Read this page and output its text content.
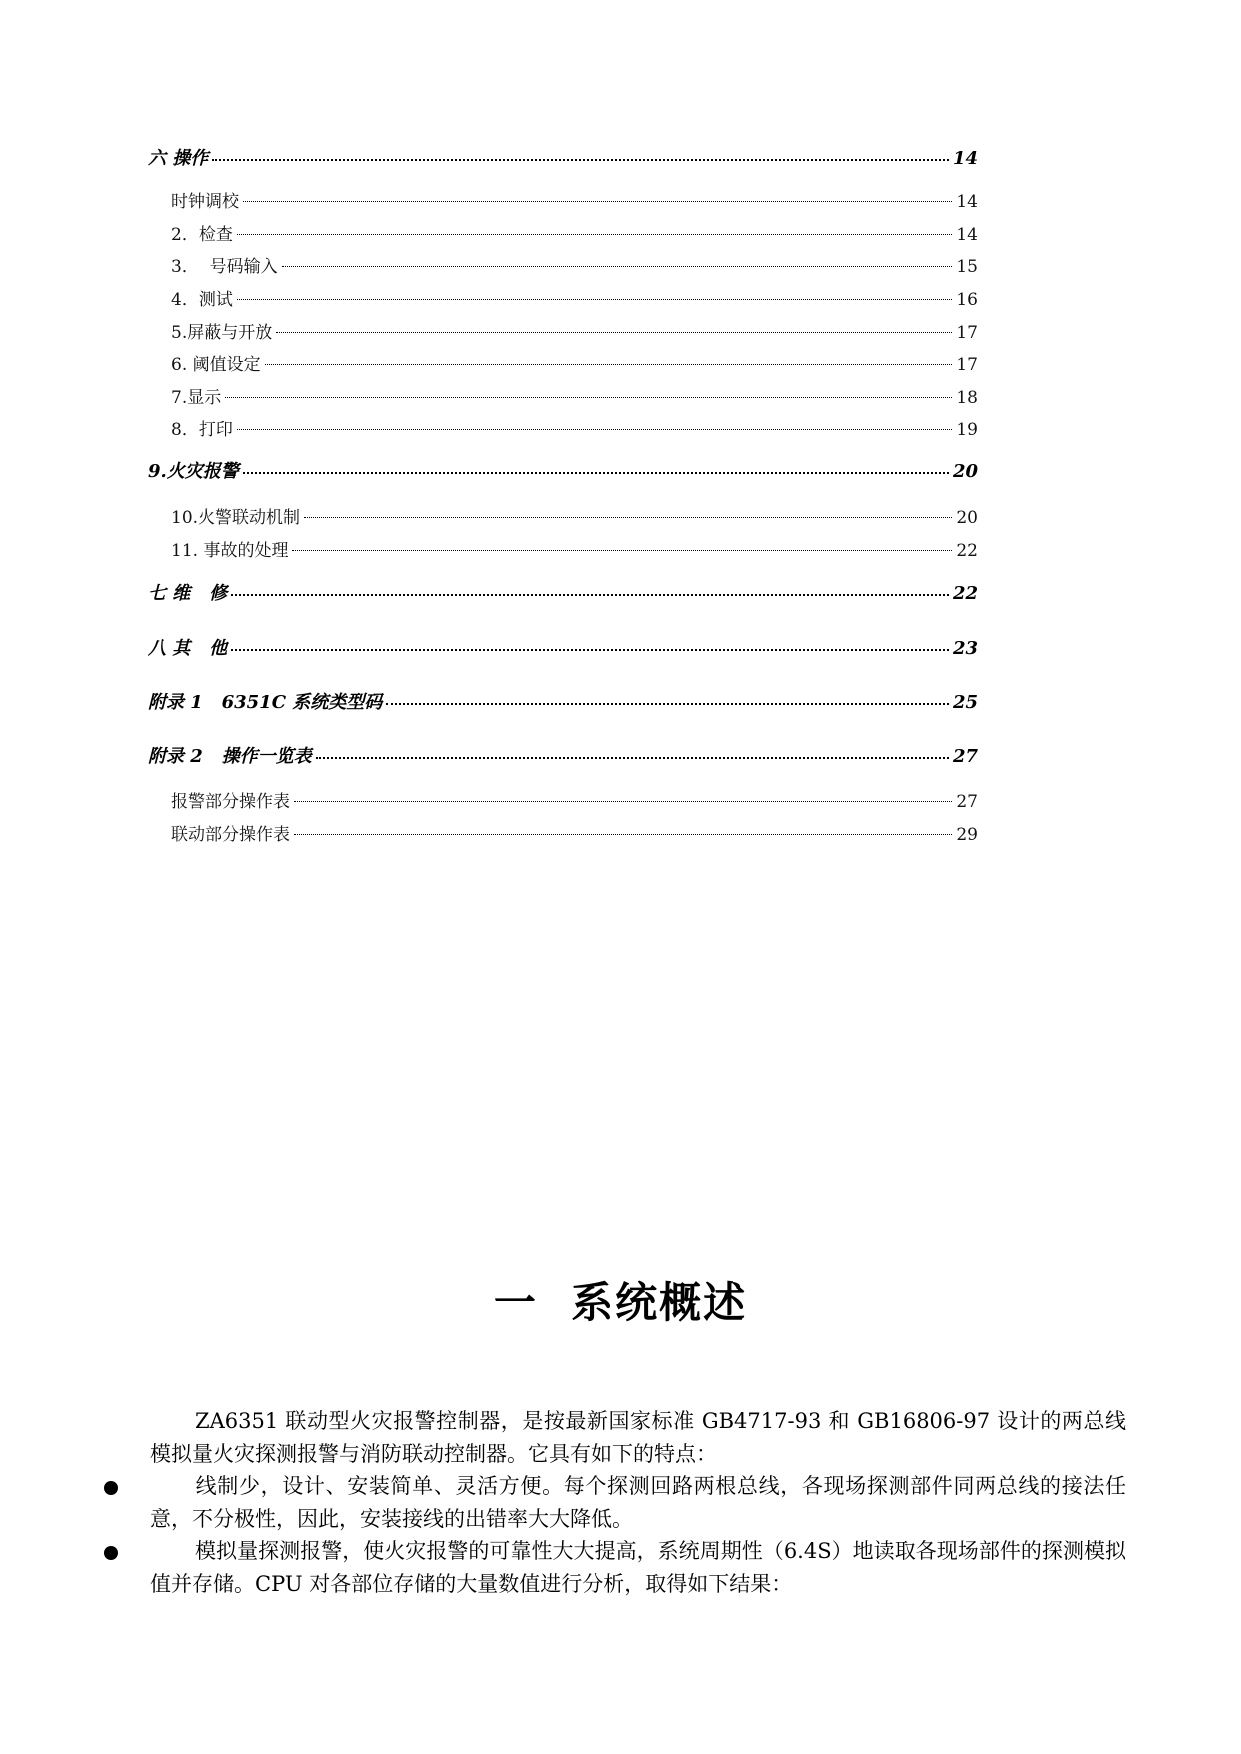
六 操作	14
时钟调校	14
2．检查	14
3．  号码输入	15
4．测试	16
5.屏蔽与开放	17
6. 阈值设定	17
7.显示	18
8．打印	19
9.火灾报警	20
10.火警联动机制	20
11. 事故的处理	22
七 维   修	22
八 其   他	23
附录 1   6351C 系统类型码	25
附录 2   操作一览表	27
报警部分操作表	27
联动部分操作表	29
一  系统概述
ZA6351 联动型火灾报警控制器，是按最新国家标准 GB4717-93 和 GB16806-97 设计的两总线模拟量火灾探测报警与消防联动控制器。它具有如下的特点：
线制少，设计、安装简单、灵活方便。每个探测回路两根总线，各现场探测部件同两总线的接法任意，不分极性，因此，安装接线的出错率大大降低。
模拟量探测报警，使火灾报警的可靠性大大提高，系统周期性（6.4S）地读取各现场部件的探测模拟值并存储。CPU 对各部位存储的大量数值进行分析，取得如下结果：
